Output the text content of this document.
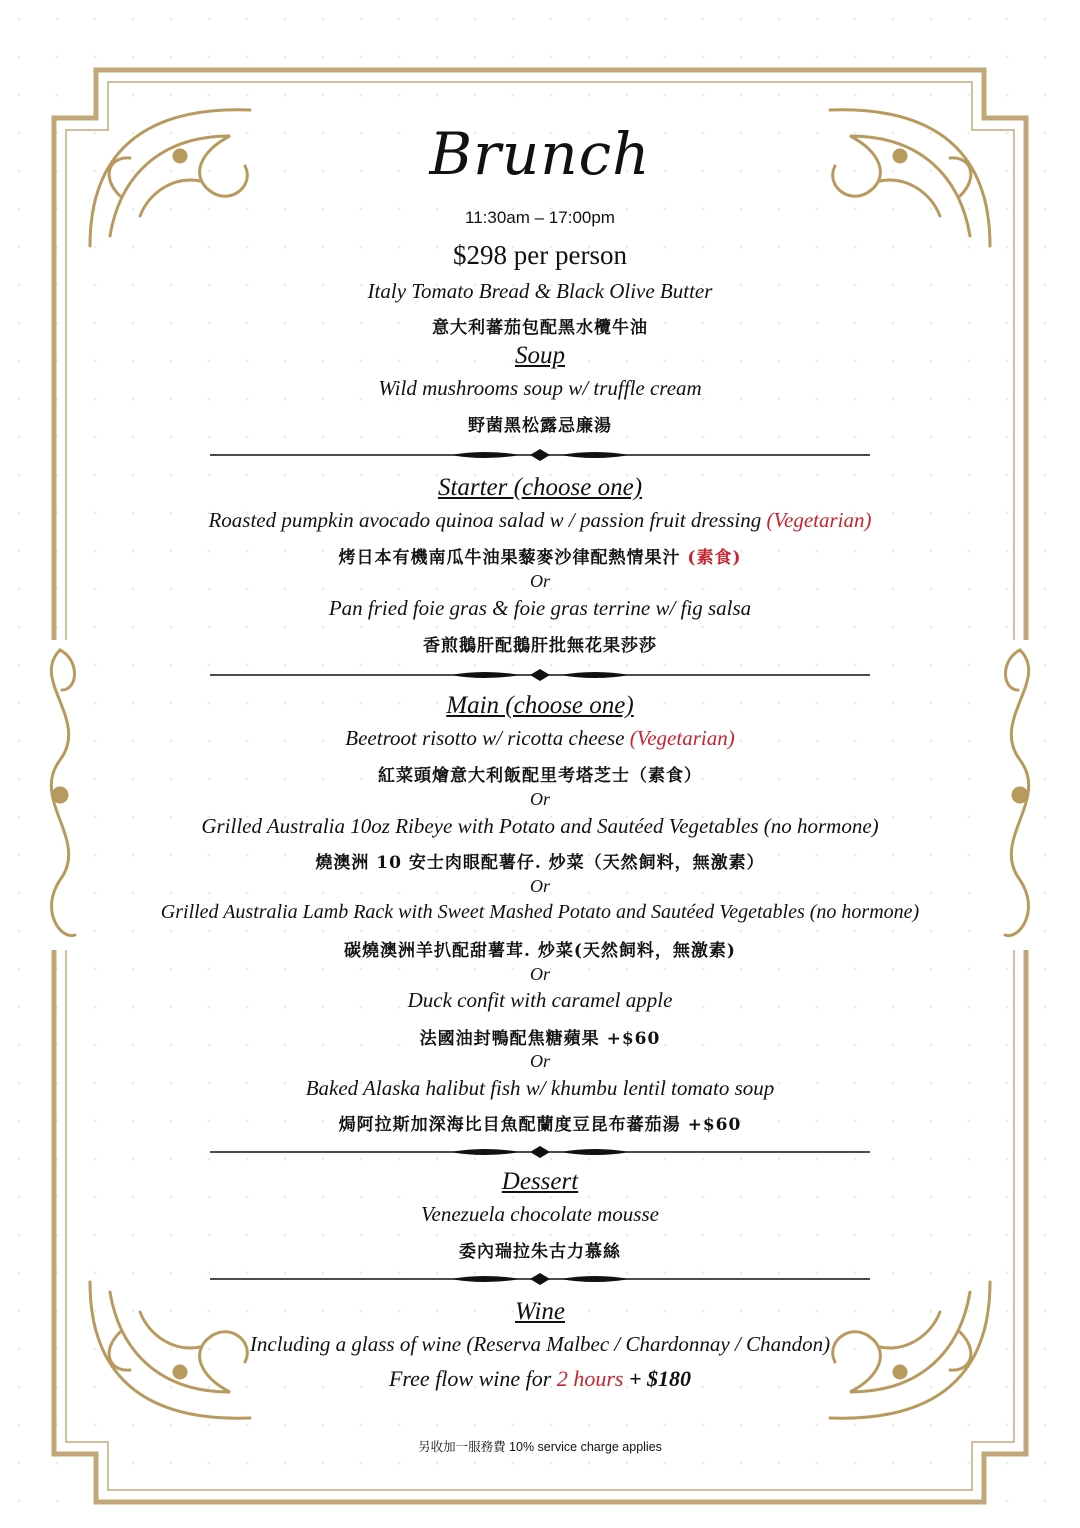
Brunch
11:30am – 17:00pm
$298 per person
Italy Tomato Bread & Black Olive Butter
意大利蕃茄包配黑水欖牛油
Soup
Wild mushrooms soup w/ truffle cream
野菌黑松露忌廉湯
Starter (choose one)
Roasted pumpkin avocado quinoa salad w / passion fruit dressing (Vegetarian)
烤日本有機南瓜牛油果藜麥沙律配熱情果汁 (素食)
Or
Pan fried foie gras & foie gras terrine w/ fig salsa
香煎鵝肝配鵝肝批無花果莎莎
Main (choose one)
Beetroot risotto w/ ricotta cheese (Vegetarian)
紅菜頭燴意大利飯配里考塔芝士（素食）
Or
Grilled Australia 10oz Ribeye with Potato and Sautéed Vegetables (no hormone)
燒澳洲 10 安士肉眼配薯仔. 炒菜（天然飼料，無激素）
Or
Grilled Australia Lamb Rack with Sweet Mashed Potato and Sautéed Vegetables (no hormone)
碳燒澳洲羊扒配甜薯茸. 炒菜(天然飼料，無激素)
Or
Duck confit with caramel apple
法國油封鴨配焦糖蘋果 +$60
Or
Baked Alaska halibut fish w/ khumbu lentil tomato soup
焗阿拉斯加深海比目魚配蘭度豆昆布蕃茄湯 +$60
Dessert
Venezuela chocolate mousse
委內瑞拉朱古力慕絲
Wine
Including a glass of wine (Reserva Malbec / Chardonnay / Chandon)
Free flow wine for 2 hours + $180
另收加一服務費 10% service charge applies
